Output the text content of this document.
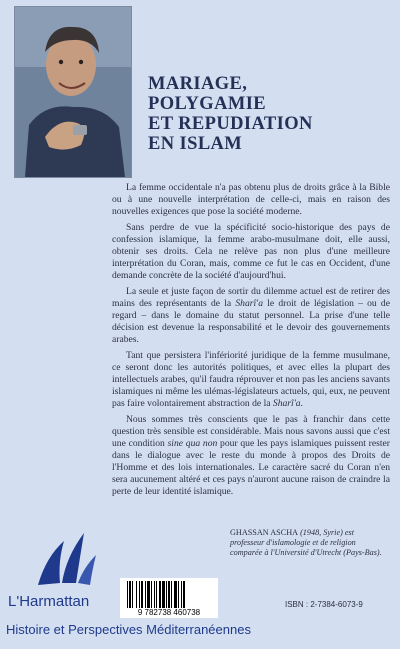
MARIAGE,
POLYGAMIE
ET REPUDIATION
EN ISLAM

La femme occidentale n'a pas obtenu plus de droits grâce à la Bible ou à une nouvelle interprétation de celle-ci, mais en raison des nouvelles exigences que pose la société moderne.

Sans perdre de vue la spécificité socio-historique des pays de confession islamique, la femme arabo-musulmane doit, elle aussi, obtenir ses droits. Cela ne relève pas non plus d'une meilleure interprétation du Coran, mais, comme ce fut le cas en Occident, d'une demande concrète de la société d'aujourd'hui.

La seule et juste façon de sortir du dilemme actuel est de retirer des mains des représentants de la Sharî'a le droit de législation – ou de regard – dans le domaine du statut personnel. La prise d'une telle décision est devenue la responsabilité et le devoir des gouvernements arabes.

Tant que persistera l'infériorité juridique de la femme musulmane, ce seront donc les autorités politiques, et avec elles la plupart des intellectuels arabes, qu'il faudra réprouver et non pas les anciens savants islamiques ni même les ulémas-législateurs actuels, qui, eux, ne peuvent pas faire volontairement abstraction de la Sharî'a.

Nous sommes très conscients que le pas à franchir dans cette question très sensible est considérable. Mais nous savons aussi que c'est une condition sine qua non pour que les pays islamiques puissent rester dans le dialogue avec le reste du monde à propos des Droits de l'Homme et des lois internationales. Le caractère sacré du Coran n'en sera aucunement altéré et ces pays n'auront aucune raison de craindre la perte de leur identité islamique.

GHASSAN ASCHA (1948, Syrie) est professeur d'islamologie et de religion comparée à l'Université d'Utrecht (Pays-Bas).
L'Harmattan
9 782738 460738
ISBN : 2-7384-6073-9
Histoire et Perspectives Méditerranéennes
